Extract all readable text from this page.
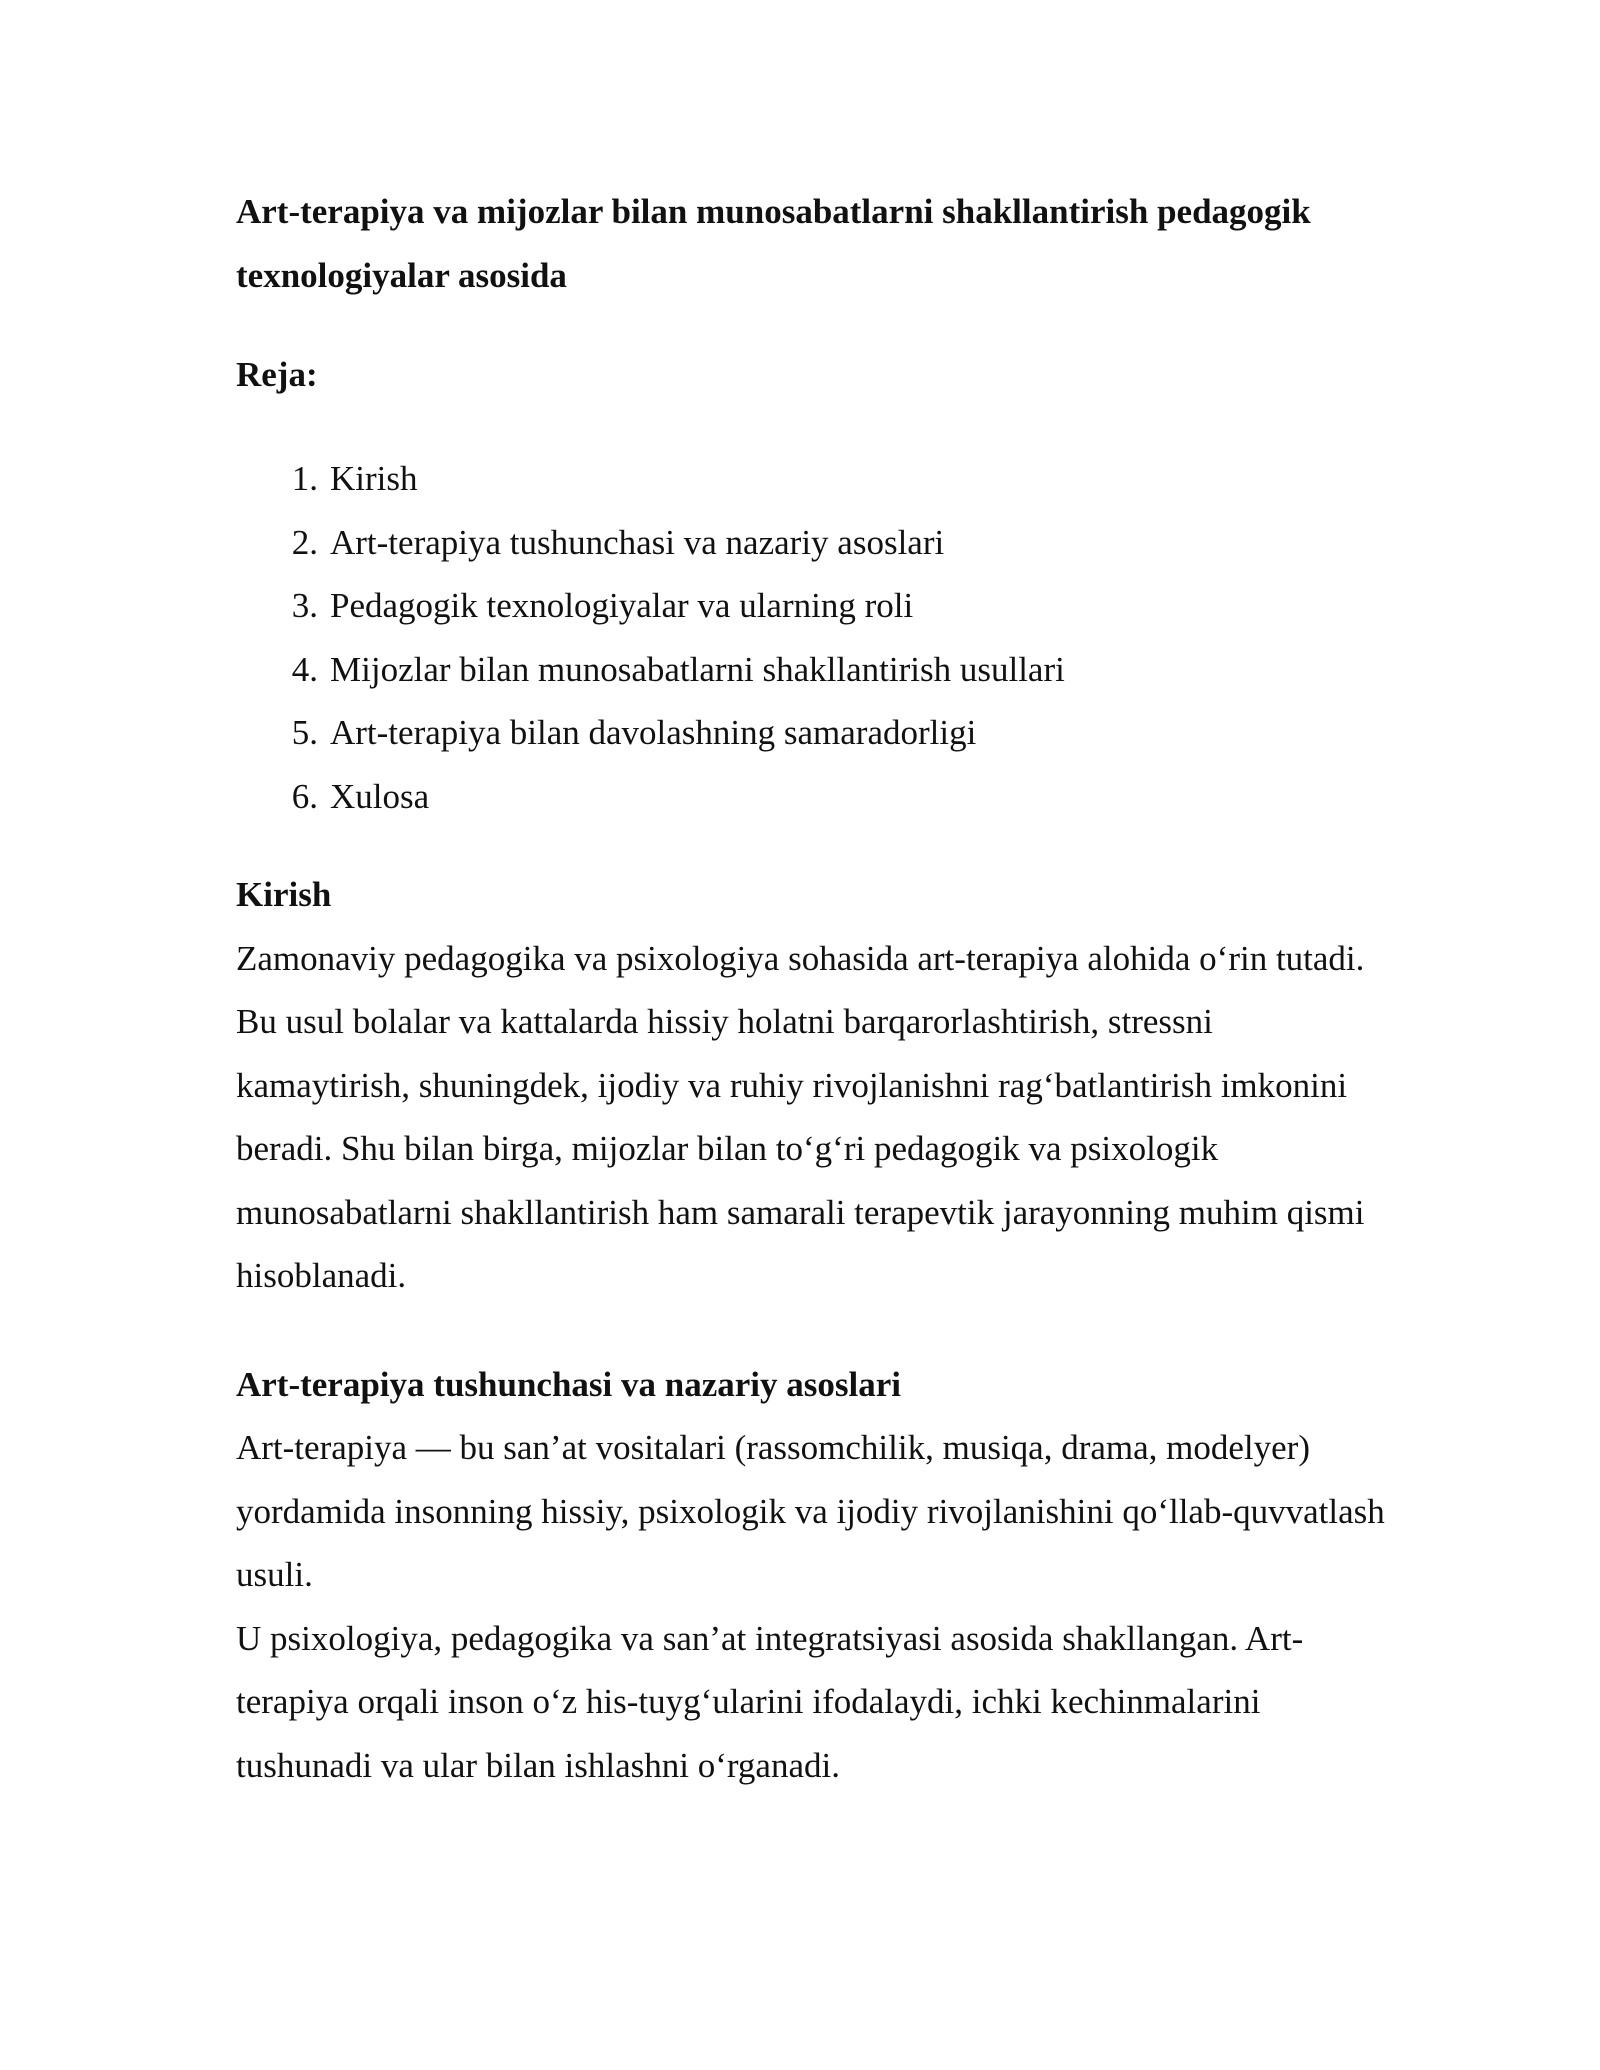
Art-terapiya va mijozlar bilan munosabatlarni shakllantirish pedagogik texnologiyalar asosida
Reja:
1. Kirish
2. Art-terapiya tushunchasi va nazariy asoslari
3. Pedagogik texnologiyalar va ularning roli
4. Mijozlar bilan munosabatlarni shakllantirish usullari
5. Art-terapiya bilan davolashning samaradorligi
6. Xulosa
Kirish

Zamonaviy pedagogika va psixologiya sohasida art-terapiya alohida o‘rin tutadi. Bu usul bolalar va kattalarda hissiy holatni barqarorlashtirish, stressni kamaytirish, shuningdek, ijodiy va ruhiy rivojlanishni rag‘batlantirish imkonini beradi. Shu bilan birga, mijozlar bilan to‘g‘ri pedagogik va psixologik munosabatlarni shakllantirish ham samarali terapevtik jarayonning muhim qismi hisoblanadi.

Art-terapiya tushunchasi va nazariy asoslari

Art-terapiya — bu san’at vositalari (rassomchilik, musiqa, drama, modelyer) yordamida insonning hissiy, psixologik va ijodiy rivojlanishini qo‘llab-quvvatlash usuli.

U psixologiya, pedagogika va san’at integratsiyasi asosida shakllangan. Art-terapiya orqali inson o‘z his-tuyg‘ularini ifodalaydi, ichki kechinmalarini tushunadi va ular bilan ishlashni o‘rganadi.
